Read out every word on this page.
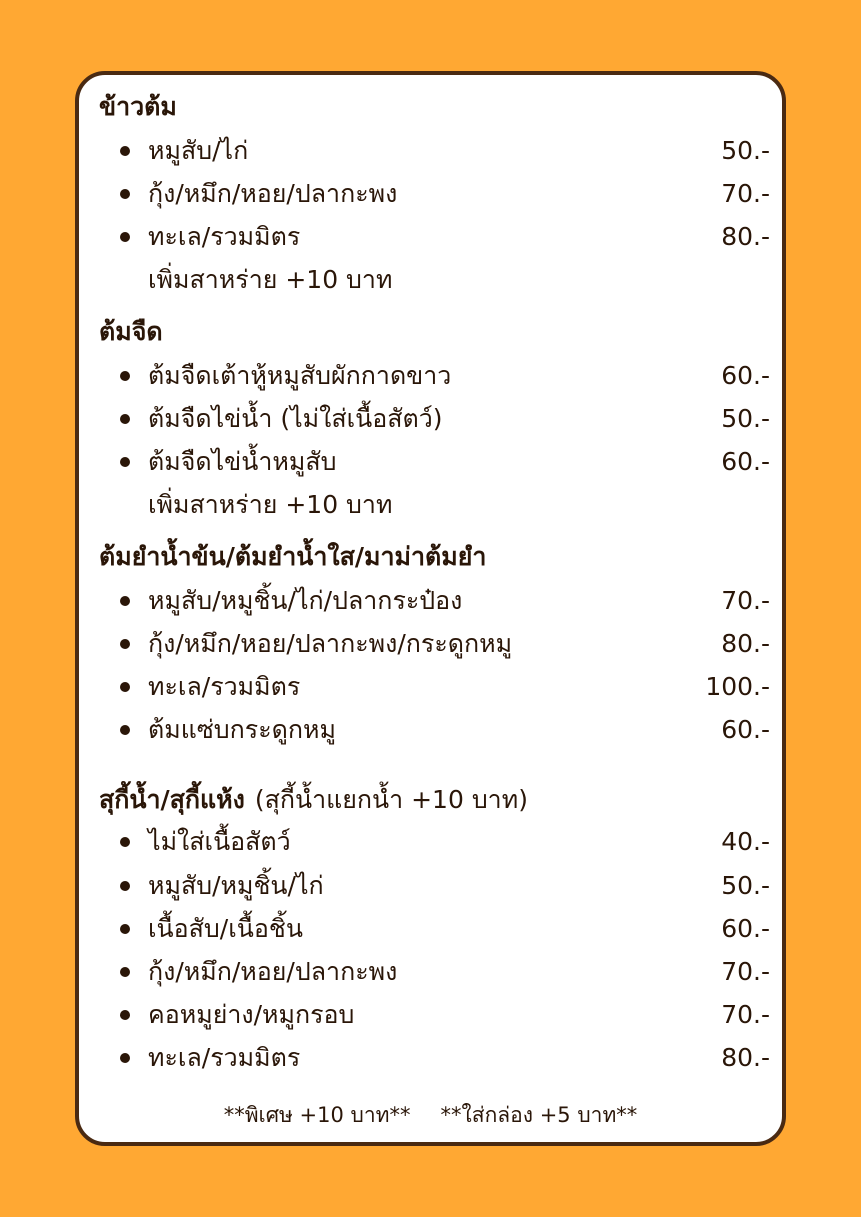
ข้าวต้ม
หมูสับ/ไก่	50.-
กุ้ง/หมึก/หอย/ปลากะพง	70.-
ทะเล/รวมมิตร	80.-
เพิ่มสาหร่าย +10 บาท
ต้มจืด
ต้มจืดเต้าหู้หมูสับผักกาดขาว	60.-
ต้มจืดไข่น้ำ (ไม่ใส่เนื้อสัตว์)	50.-
ต้มจืดไข่น้ำหมูสับ	60.-
เพิ่มสาหร่าย +10 บาท
ต้มยำน้ำข้น/ต้มยำน้ำใส/มาม่าต้มยำ
หมูสับ/หมูชิ้น/ไก่/ปลากระป๋อง	70.-
กุ้ง/หมึก/หอย/ปลากะพง/กระดูกหมู	80.-
ทะเล/รวมมิตร	100.-
ต้มแซ่บกระดูกหมู	60.-
สุกี้น้ำ/สุกี้แห้ง (สุกี้น้ำแยกน้ำ +10 บาท)
ไม่ใส่เนื้อสัตว์	40.-
หมูสับ/หมูชิ้น/ไก่	50.-
เนื้อสับ/เนื้อชิ้น	60.-
กุ้ง/หมึก/หอย/ปลากะพง	70.-
คอหมูย่าง/หมูกรอบ	70.-
ทะเล/รวมมิตร	80.-
**พิเศษ +10 บาท** **ใส่กล่อง +5 บาท**
